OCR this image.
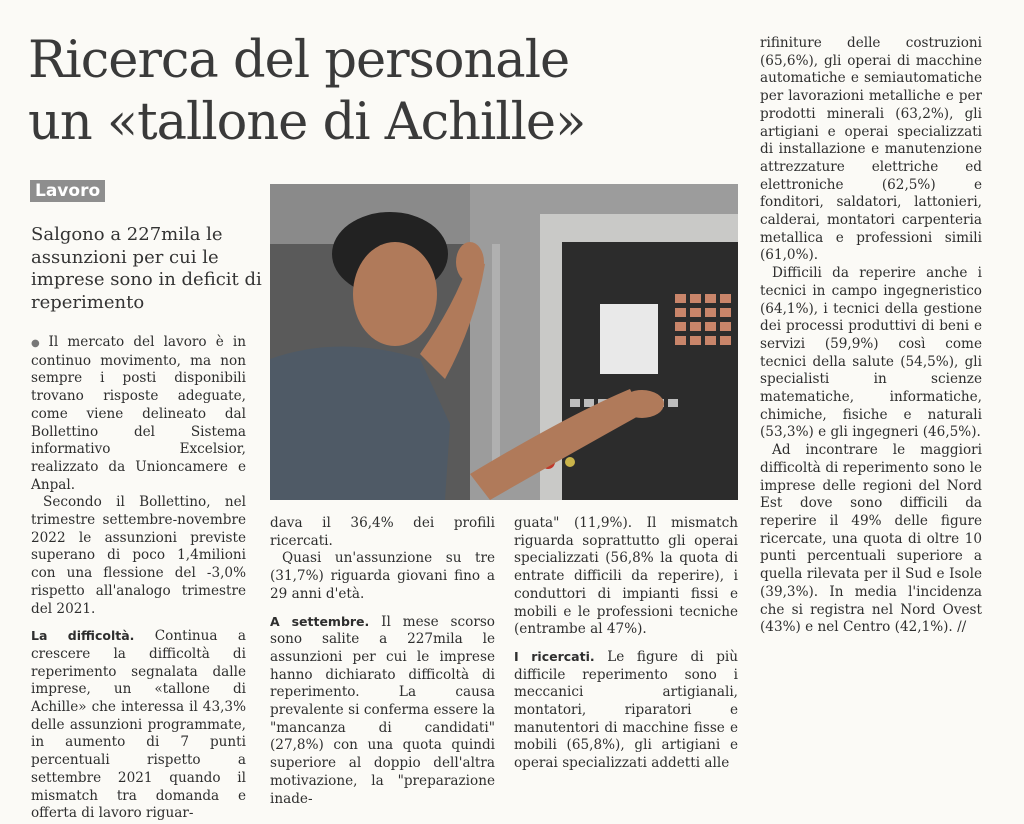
Ricerca del personale
un «tallone di Achille»
Lavoro
Salgono a 227mila le assunzioni per cui le imprese sono in deficit di reperimento

● Il mercato del lavoro è in continuo movimento, ma non sempre i posti disponibili trovano risposte adeguate, come viene delineato dal Bollettino del Sistema informativo Excelsior, realizzato da Unioncamere e Anpal.

Secondo il Bollettino, nel trimestre settembre-novembre 2022 le assunzioni previste superano di poco 1,4milioni con una flessione del -3,0% rispetto all'analogo trimestre del 2021.

La difficoltà. Continua a crescere la difficoltà di reperimento segnalata dalle imprese, un «tallone di Achille» che interessa il 43,3% delle assunzioni programmate, in aumento di 7 punti percentuali rispetto a settembre 2021 quando il mismatch tra domanda e offerta di lavoro riguar-

dava il 36,4% dei profili ricercati.

Quasi un'assunzione su tre (31,7%) riguarda giovani fino a 29 anni d'età.

A settembre. Il mese scorso sono salite a 227mila le assunzioni per cui le imprese hanno dichiarato difficoltà di reperimento. La causa prevalente si conferma essere la "mancanza di candidati" (27,8%) con una quota quindi superiore al doppio dell'altra motivazione, la "preparazione inade-

guata" (11,9%). Il mismatch riguarda soprattutto gli operai specializzati (56,8% la quota di entrate difficili da reperire), i conduttori di impianti fissi e mobili e le professioni tecniche (entrambe al 47%).

I ricercati. Le figure di più difficile reperimento sono i meccanici artigianali, montatori, riparatori e manutentori di macchine fisse e mobili (65,8%), gli artigiani e operai specializzati addetti alle

rifiniture delle costruzioni (65,6%), gli operai di macchine automatiche e semiautomatiche per lavorazioni metalliche e per prodotti minerali (63,2%), gli artigiani e operai specializzati di installazione e manutenzione attrezzature elettriche ed elettroniche (62,5%) e fonditori, saldatori, lattonieri, calderai, montatori carpenteria metallica e professioni simili (61,0%).

Difficili da reperire anche i tecnici in campo ingegneristico (64,1%), i tecnici della gestione dei processi produttivi di beni e servizi (59,9%) così come tecnici della salute (54,5%), gli specialisti in scienze matematiche, informatiche, chimiche, fisiche e naturali (53,3%) e gli ingegneri (46,5%).

Ad incontrare le maggiori difficoltà di reperimento sono le imprese delle regioni del Nord Est dove sono difficili da reperire il 49% delle figure ricercate, una quota di oltre 10 punti percentuali superiore a quella rilevata per il Sud e Isole (39,3%). In media l'incidenza che si registra nel Nord Ovest (43%) e nel Centro (42,1%). //
